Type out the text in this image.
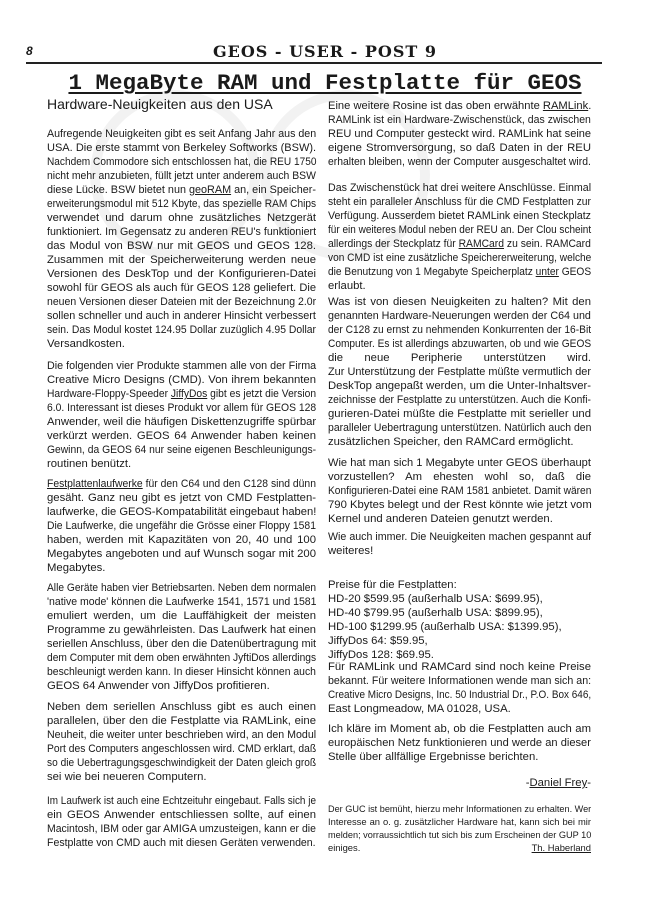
8	GEOS - USER - POST 9
1 MegaByte RAM und Festplatte für GEOS
Hardware-Neuigkeiten aus den USA
Aufregende Neuigkeiten gibt es seit Anfang Jahr aus den
USA. Die erste stammt von Berkeley Softworks (BSW).
Nachdem Commodore sich entschlossen hat, die REU 1750
nicht mehr anzubieten, füllt jetzt unter anderem auch BSW
diese Lücke. BSW bietet nun geoRAM an, ein Speicher-
erweiterungsmodul mit 512 Kbyte, das spezielle RAM Chips
verwendet und darum ohne zusätzliches Netzgerät
funktioniert. Im Gegensatz zu anderen REU's funktioniert
das Modul von BSW nur mit GEOS und GEOS 128.
Zusammen mit der Speicherweiterung werden neue
Versionen des DeskTop und der Konfigurieren-Datei
sowohl für GEOS als auch für GEOS 128 geliefert. Die
neuen Versionen dieser Dateien mit der Bezeichnung 2.0r
sollen schneller und auch in anderer Hinsicht verbessert
sein. Das Modul kostet 124.95 Dollar zuzüglich 4.95 Dollar
Versandkosten.
Die folgenden vier Produkte stammen alle von der Firma
Creative Micro Designs (CMD). Von ihrem bekannten
Hardware-Floppy-Speeder JiffyDos gibt es jetzt die Version
6.0. Interessant ist dieses Produkt vor allem für GEOS 128
Anwender, weil die häufigen Diskettenzugriffe spürbar
verkürzt werden. GEOS 64 Anwender haben keinen
Gewinn, da GEOS 64 nur seine eigenen Beschleunigungs-
routinen benützt.
Festplattenlaufwerke für den C64 und den C128 sind dünn
gesäht. Ganz neu gibt es jetzt von CMD Festplatten-
laufwerke, die GEOS-Kompatabilität eingebaut haben!
Die Laufwerke, die ungefähr die Grösse einer Floppy 1581
haben, werden mit Kapazitäten von 20, 40 und 100
Megabytes angeboten und auf Wunsch sogar mit 200
Megabytes.
Alle Geräte haben vier Betriebsarten. Neben dem normalen
'native mode' können die Laufwerke 1541, 1571 und 1581
emuliert werden, um die Lauffähigkeit der meisten
Programme zu gewährleisten. Das Laufwerk hat einen
seriellen Anschluss, über den die Datenübertragung mit
dem Computer mit dem oben erwähnten JyftiDos allerdings
beschleunigt werden kann. In dieser Hinsicht können auch
GEOS 64 Anwender von JiffyDos profitieren.
Neben dem seriellen Anschluss gibt es auch einen
parallelen, über den die Festplatte via RAMLink, eine
Neuheit, die weiter unter beschrieben wird, an den Modul
Port des Computers angeschlossen wird. CMD erklart, daß
so die Uebertragungsgeschwindigkeit der Daten gleich groß
sei wie bei neueren Computern.
Im Laufwerk ist auch eine Echtzeituhr eingebaut. Falls sich je
ein GEOS Anwender entschliessen sollte, auf einen
Macintosh, IBM oder gar AMIGA umzusteigen, kann er die
Festplatte von CMD auch mit diesen Geräten verwenden.
Eine weitere Rosine ist das oben erwähnte RAMLink.
RAMLink ist ein Hardware-Zwischenstück, das zwischen
REU und Computer gesteckt wird. RAMLink hat seine
eigene Stromversorgung, so daß Daten in der REU
erhalten bleiben, wenn der Computer ausgeschaltet wird.
Das Zwischenstück hat drei weitere Anschlüsse. Einmal
steht ein paralleler Anschluss für die CMD Festplatten zur
Verfügung. Ausserdem bietet RAMLink einen Steckplatz
für ein weiteres Modul neben der REU an. Der Clou scheint
allerdings der Steckplatz für RAMCard zu sein. RAMCard
von CMD ist eine zusätzliche Speichererweiterung, welche
die Benutzung von 1 Megabyte Speicherplatz unter GEOS
erlaubt.
Was ist von diesen Neuigkeiten zu halten? Mit den
genannten Hardware-Neuerungen werden der C64 und
der C128 zu ernst zu nehmenden Konkurrenten der 16-Bit
Computer. Es ist allerdings abzuwarten, ob und wie GEOS
die neue Peripherie unterstützen wird.
Zur Unterstützung der Festplatte müßte vermutlich der
DeskTop angepaßt werden, um die Unter-Inhaltsver-
zeichnisse der Festplatte zu unterstützen. Auch die Konfi-
gurieren-Datei müßte die Festplatte mit serieller und
paralleler Uebertragung unterstützen. Natürlich auch den
zusätzlichen Speicher, den RAMCard ermöglicht.
Wie hat man sich 1 Megabyte unter GEOS überhaupt
vorzustellen? Am ehesten wohl so, daß die
Konfigurieren-Datei eine RAM 1581 anbietet. Damit wären
790 Kbytes belegt und der Rest könnte wie jetzt vom
Kernel und anderen Dateien genutzt werden.
Wie auch immer. Die Neuigkeiten machen gespannt auf
weiteres!
Preise für die Festplatten:
HD-20 $599.95 (außerhalb USA: $699.95),
HD-40 $799.95 (außerhalb USA: $899.95),
HD-100 $1299.95 (außerhalb USA: $1399.95),
JiffyDos 64: $59.95,
JiffyDos 128: $69.95.
Für RAMLink und RAMCard sind noch keine Preise
bekannt. Für weitere Informationen wende man sich an:
Creative Micro Designs, Inc. 50 Industrial Dr., P.O. Box 646,
East Longmeadow, MA 01028, USA.
Ich kläre im Moment ab, ob die Festplatten auch am
europäischen Netz funktionieren und werde an dieser
Stelle über allfällige Ergebnisse berichten.
-Daniel Frey-
Der GUC ist bemüht, hierzu mehr Informationen zu erhalten. Wer
Interesse an o. g. zusätzlicher Hardware hat, kann sich bei mir
melden; vorraussichtlich tut sich bis zum Erscheinen der GUP 10
einiges.	Th. Haberland
